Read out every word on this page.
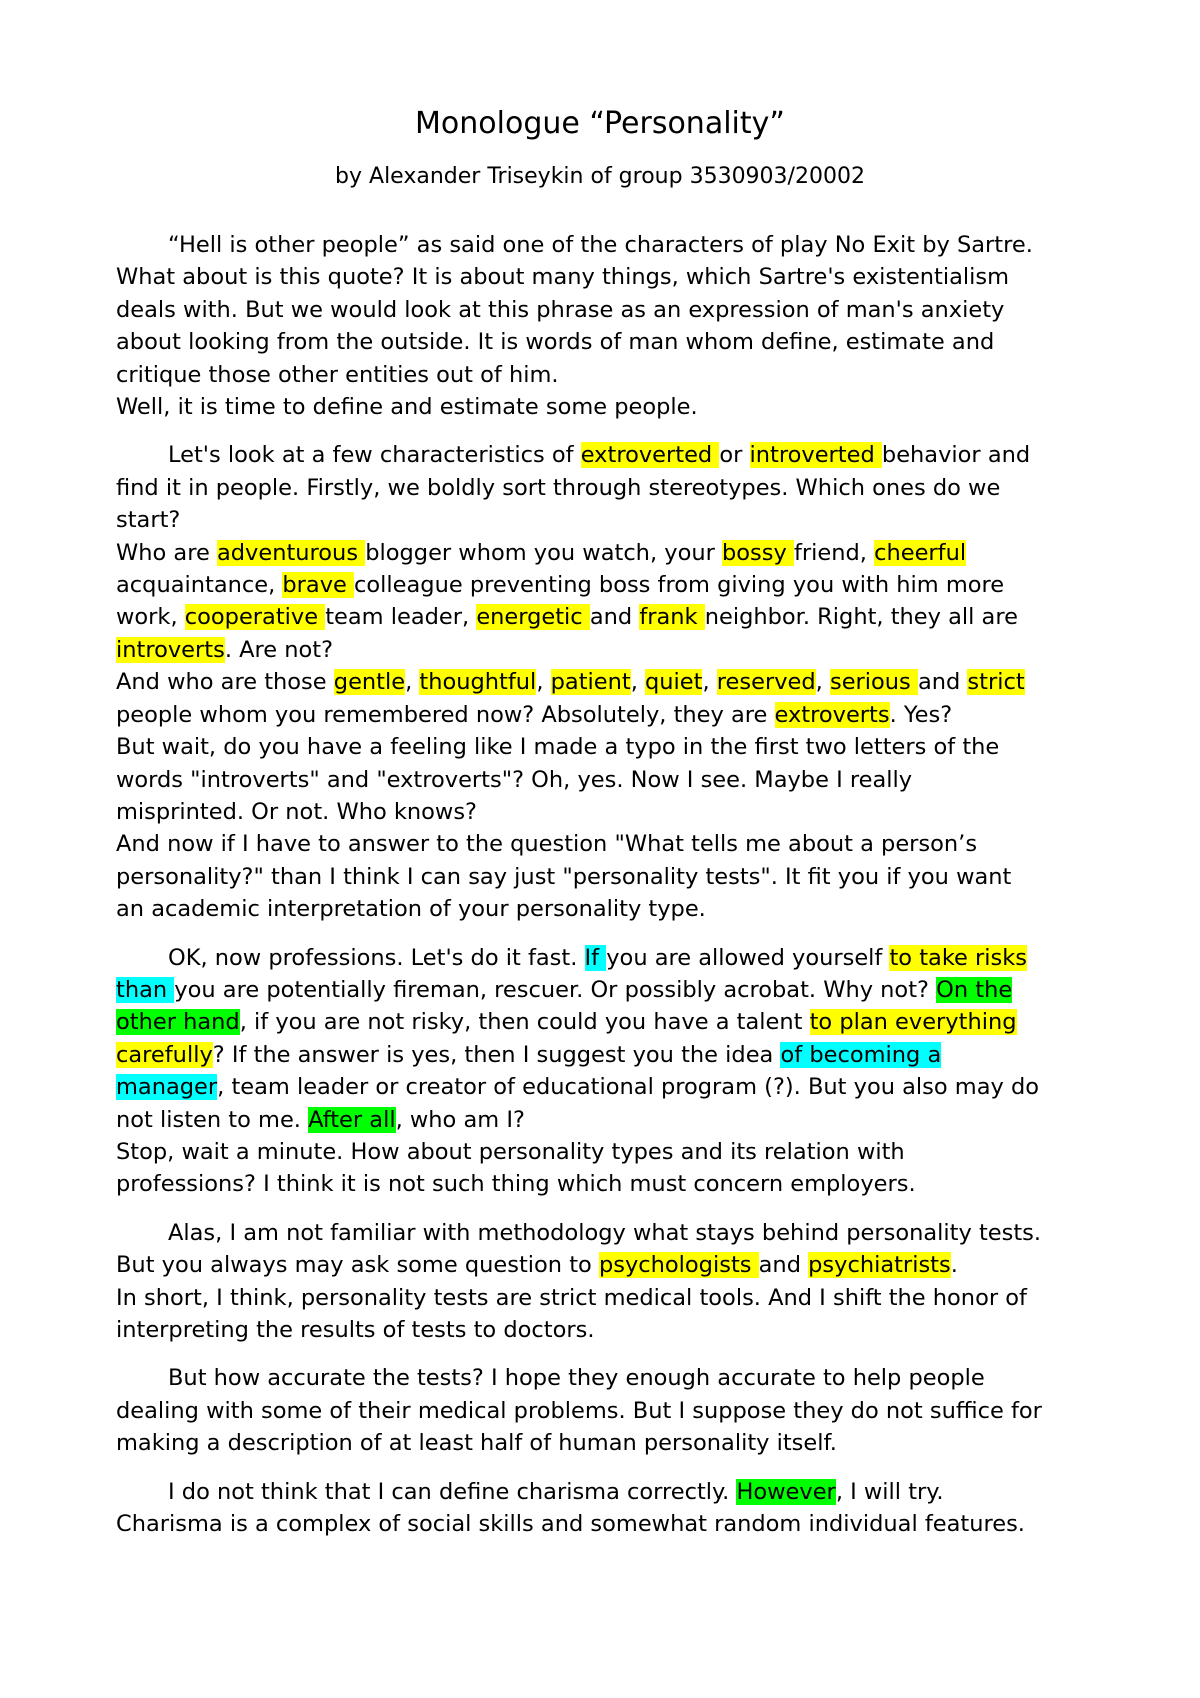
Monologue “Personality”

by Alexander Triseykin of group 3530903/20002

“Hell is other people” as said one of the characters of play No Exit by Sartre.
What about is this quote? It is about many things, which Sartre's existentialism
deals with. But we would look at this phrase as an expression of man's anxiety
about looking from the outside. It is words of man whom define, estimate and
critique those other entities out of him.
Well, it is time to define and estimate some people.
Let's look at a few characteristics of extroverted or introverted behavior and
find it in people. Firstly, we boldly sort through stereotypes. Which ones do we
start?
Who are adventurous blogger whom you watch, your bossy friend, cheerful
acquaintance, brave colleague preventing boss from giving you with him more
work, cooperative team leader, energetic and frank neighbor. Right, they all are
introverts. Are not?
And who are those gentle, thoughtful, patient, quiet, reserved, serious and strict
people whom you remembered now? Absolutely, they are extroverts. Yes?
But wait, do you have a feeling like I made a typo in the first two letters of the
words "introverts" and "extroverts"? Oh, yes. Now I see. Maybe I really
misprinted. Or not. Who knows?
And now if I have to answer to the question "What tells me about a person’s
personality?" than I think I can say just "personality tests". It fit you if you want
an academic interpretation of your personality type.
OK, now professions. Let's do it fast. If you are allowed yourself to take risks
than you are potentially fireman, rescuer. Or possibly acrobat. Why not? On the
other hand, if you are not risky, then could you have a talent to plan everything
carefully? If the answer is yes, then I suggest you the idea of becoming a
manager, team leader or creator of educational program (?). But you also may do
not listen to me. After all, who am I?
Stop, wait a minute. How about personality types and its relation with
professions? I think it is not such thing which must concern employers.
Alas, I am not familiar with methodology what stays behind personality tests.
But you always may ask some question to psychologists and psychiatrists.
In short, I think, personality tests are strict medical tools. And I shift the honor of
interpreting the results of tests to doctors.
But how accurate the tests? I hope they enough accurate to help people
dealing with some of their medical problems. But I suppose they do not suffice for
making a description of at least half of human personality itself.
I do not think that I can define charisma correctly. However, I will try.
Charisma is a complex of social skills and somewhat random individual features.
